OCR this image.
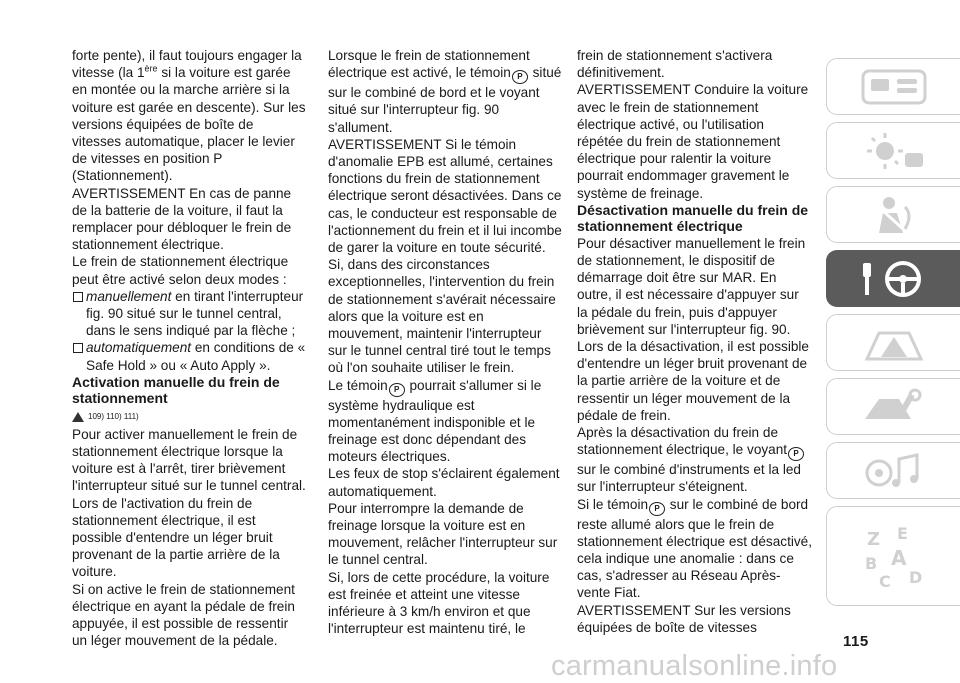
forte pente), il faut toujours engager la vitesse (la 1ère si la voiture est garée en montée ou la marche arrière si la voiture est garée en descente). Sur les versions équipées de boîte de vitesses automatique, placer le levier de vitesses en position P (Stationnement).

AVERTISSEMENT En cas de panne de la batterie de la voiture, il faut la remplacer pour débloquer le frein de stationnement électrique.

Le frein de stationnement électrique peut être activé selon deux modes :

manuellement en tirant l'interrupteur fig. 90 situé sur le tunnel central, dans le sens indiqué par la flèche ;

automatiquement en conditions de « Safe Hold » ou « Auto Apply ».

Activation manuelle du frein de stationnement
109) 110) 111)

Pour activer manuellement le frein de stationnement électrique lorsque la voiture est à l'arrêt, tirer brièvement l'interrupteur situé sur le tunnel central.

Lors de l'activation du frein de stationnement électrique, il est possible d'entendre un léger bruit provenant de la partie arrière de la voiture.

Si on active le frein de stationnement électrique en ayant la pédale de frein appuyée, il est possible de ressentir un léger mouvement de la pédale.

Lorsque le frein de stationnement électrique est activé, le témoin P situé sur le combiné de bord et le voyant situé sur l'interrupteur fig. 90 s'allument.

AVERTISSEMENT Si le témoin d'anomalie EPB est allumé, certaines fonctions du frein de stationnement électrique seront désactivées. Dans ce cas, le conducteur est responsable de l'actionnement du frein et il lui incombe de garer la voiture en toute sécurité.

Si, dans des circonstances exceptionnelles, l'intervention du frein de stationnement s'avérait nécessaire alors que la voiture est en mouvement, maintenir l'interrupteur sur le tunnel central tiré tout le temps où l'on souhaite utiliser le frein.

Le témoin P pourrait s'allumer si le système hydraulique est momentanément indisponible et le freinage est donc dépendant des moteurs électriques.

Les feux de stop s'éclairent également automatiquement.

Pour interrompre la demande de freinage lorsque la voiture est en mouvement, relâcher l'interrupteur sur le tunnel central.

Si, lors de cette procédure, la voiture est freinée et atteint une vitesse inférieure à 3 km/h environ et que l'interrupteur est maintenu tiré, le

frein de stationnement s'activera définitivement.

AVERTISSEMENT Conduire la voiture avec le frein de stationnement électrique activé, ou l'utilisation répétée du frein de stationnement électrique pour ralentir la voiture pourrait endommager gravement le système de freinage.

Désactivation manuelle du frein de stationnement électrique

Pour désactiver manuellement le frein de stationnement, le dispositif de démarrage doit être sur MAR. En outre, il est nécessaire d'appuyer sur la pédale du frein, puis d'appuyer brièvement sur l'interrupteur fig. 90.

Lors de la désactivation, il est possible d'entendre un léger bruit provenant de la partie arrière de la voiture et de ressentir un léger mouvement de la pédale de frein.

Après la désactivation du frein de stationnement électrique, le voyant P sur le combiné d'instruments et la led sur l'interrupteur s'éteignent.

Si le témoin P sur le combiné de bord reste allumé alors que le frein de stationnement électrique est désactivé, cela indique une anomalie : dans ce cas, s'adresser au Réseau Après-vente Fiat.

AVERTISSEMENT Sur les versions équipées de boîte de vitesses

Z E
B A
C D
115
carmanualsonline.info
